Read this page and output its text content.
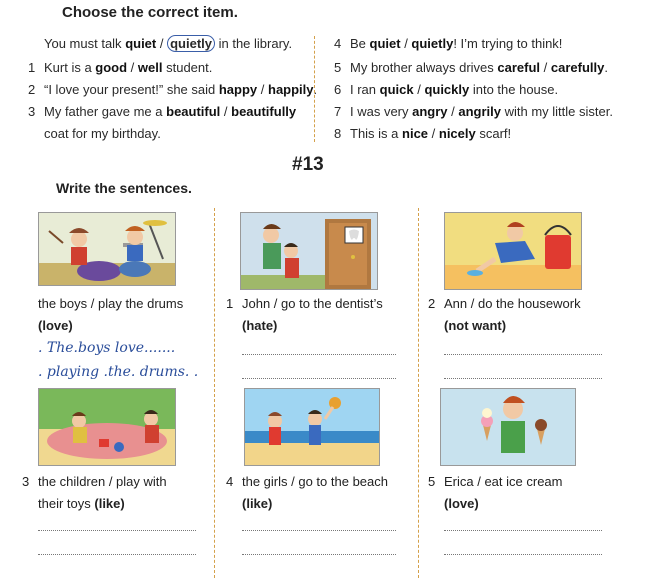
Choose the correct item.
You must talk quiet / quietly in the library.
1 Kurt is a good / well student.
2 “I love your present!” she said happy / happily.
3 My father gave me a beautiful / beautifully
coat for my birthday.
4 Be quiet / quietly! I’m trying to think!
5 My brother always drives careful / carefully.
6 I ran quick / quickly into the house.
7 I was very angry / angrily with my little sister.
8 This is a nice / nicely scarf!
#13
Write the sentences.
the boys / play the drums
(love)
. The.boys love.......
. playing .the. drums. .
1 John / go to the dentist’s
(hate)
2 Ann / do the housework
(not want)
3 the children / play with
their toys (like)
4 the girls / go to the beach
(like)
5 Erica / eat ice cream
(love)
